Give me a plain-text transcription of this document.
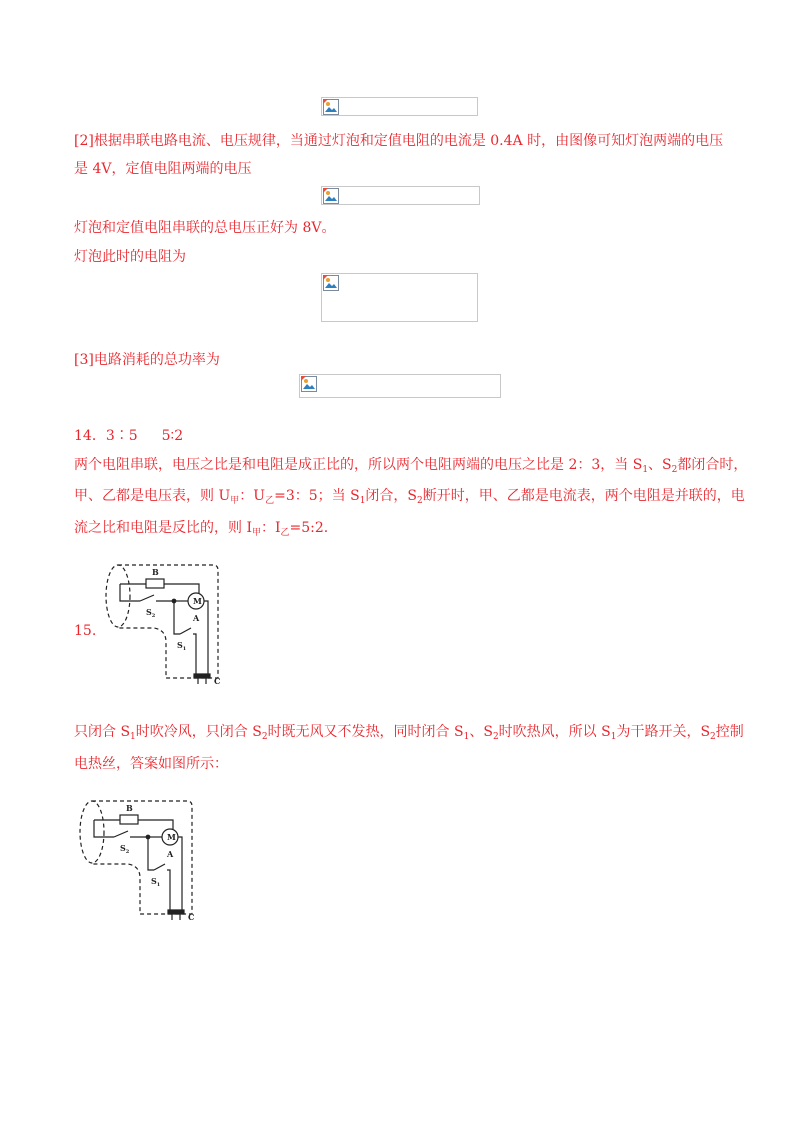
[2]根据串联电路电流、电压规律，当通过灯泡和定值电阻的电流是 0.4A 时，由图像可知灯泡两端的电压
是 4V，定值电阻两端的电压
灯泡和定值电阻串联的总电压正好为 8V。
灯泡此时的电阻为
[3]电路消耗的总功率为
14．3∶5 5∶2
两个电阻串联，电压之比是和电阻是成正比的，所以两个电阻两端的电压之比是 2：3，当 $S_1$、$S_2$都闭合时，
甲、乙都是电压表，则 $U_甲$：$U_乙=3$：5；当 $S_1$闭合，$S_2$断开时，甲、乙都是电流表，两个电阻是并联的，电
流之比和电阻是反比的，则 $I_甲$：$I_乙=5:2$.
15.
B
M
A
$S_2$
$S_1$
C
只闭合 $S_1$时吹冷风，只闭合 $S_2$时既无风又不发热，同时闭合 $S_1$、$S_2$时吹热风，所以 $S_1$为干路开关，$S_2$控制
电热丝，答案如图所示：
B
M
A
$S_2$
$S_1$
C
